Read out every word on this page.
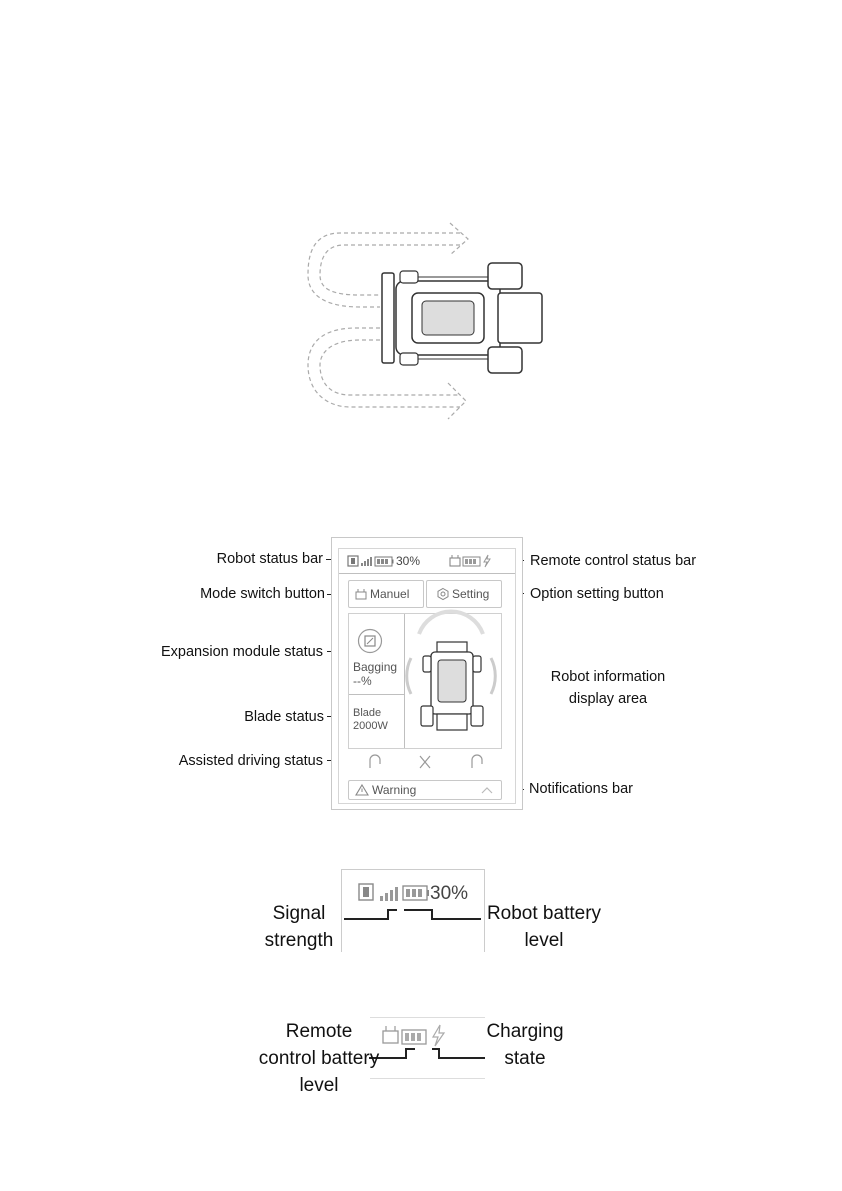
Robot status bar
Mode switch button
Expansion module status
Blade status
Assisted driving status
Remote control status bar
Option setting button
Robot information display area
Notifications bar
30%
Manuel	Setting
Bagging
--%
Blade
2000W
Warning
30%
Signal strength
Robot battery level
Remote control battery level
Charging state
